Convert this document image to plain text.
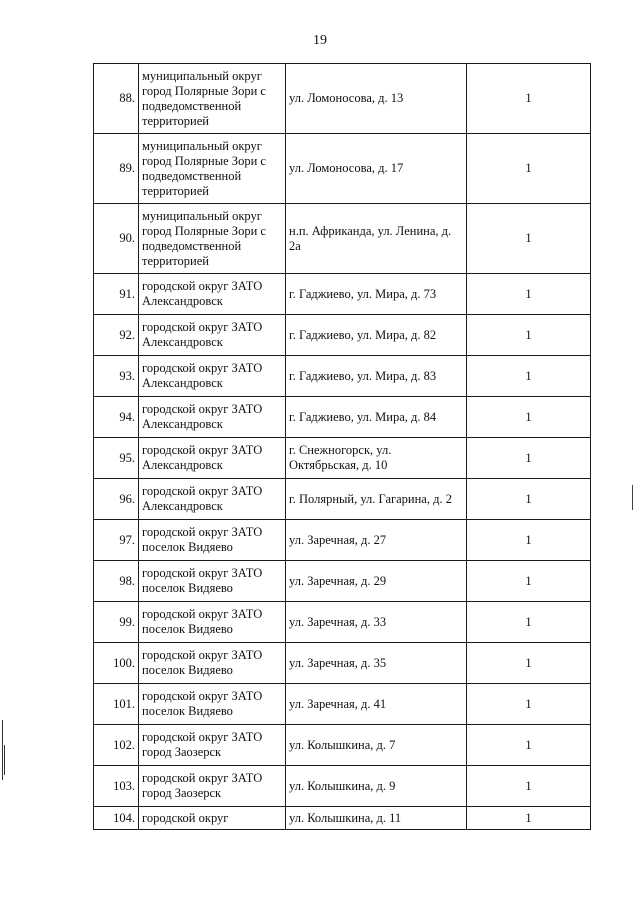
19
88.	муниципальный округ город Полярные Зори с подведомственной территорией	ул. Ломоносова, д. 13	1
89.	муниципальный округ город Полярные Зори с подведомственной территорией	ул. Ломоносова, д. 17	1
90.	муниципальный округ город Полярные Зори с подведомственной территорией	н.п. Африканда, ул. Ленина, д. 2а	1
91.	городской округ ЗАТО Александровск	г. Гаджиево, ул. Мира, д. 73	1
92.	городской округ ЗАТО Александровск	г. Гаджиево, ул. Мира, д. 82	1
93.	городской округ ЗАТО Александровск	г. Гаджиево, ул. Мира, д. 83	1
94.	городской округ ЗАТО Александровск	г. Гаджиево, ул. Мира, д. 84	1
95.	городской округ ЗАТО Александровск	г. Снежногорск, ул. Октябрьская, д. 10	1
96.	городской округ ЗАТО Александровск	г. Полярный, ул. Гагарина, д. 2	1
97.	городской округ ЗАТО поселок Видяево	ул. Заречная, д. 27	1
98.	городской округ ЗАТО поселок Видяево	ул. Заречная, д. 29	1
99.	городской округ ЗАТО поселок Видяево	ул. Заречная, д. 33	1
100.	городской округ ЗАТО поселок Видяево	ул. Заречная, д. 35	1
101.	городской округ ЗАТО поселок Видяево	ул. Заречная, д. 41	1
102.	городской округ ЗАТО город Заозерск	ул. Колышкина, д. 7	1
103.	городской округ ЗАТО город Заозерск	ул. Колышкина, д. 9	1
104.	городской округ	ул. Колышкина, д. 11	1
